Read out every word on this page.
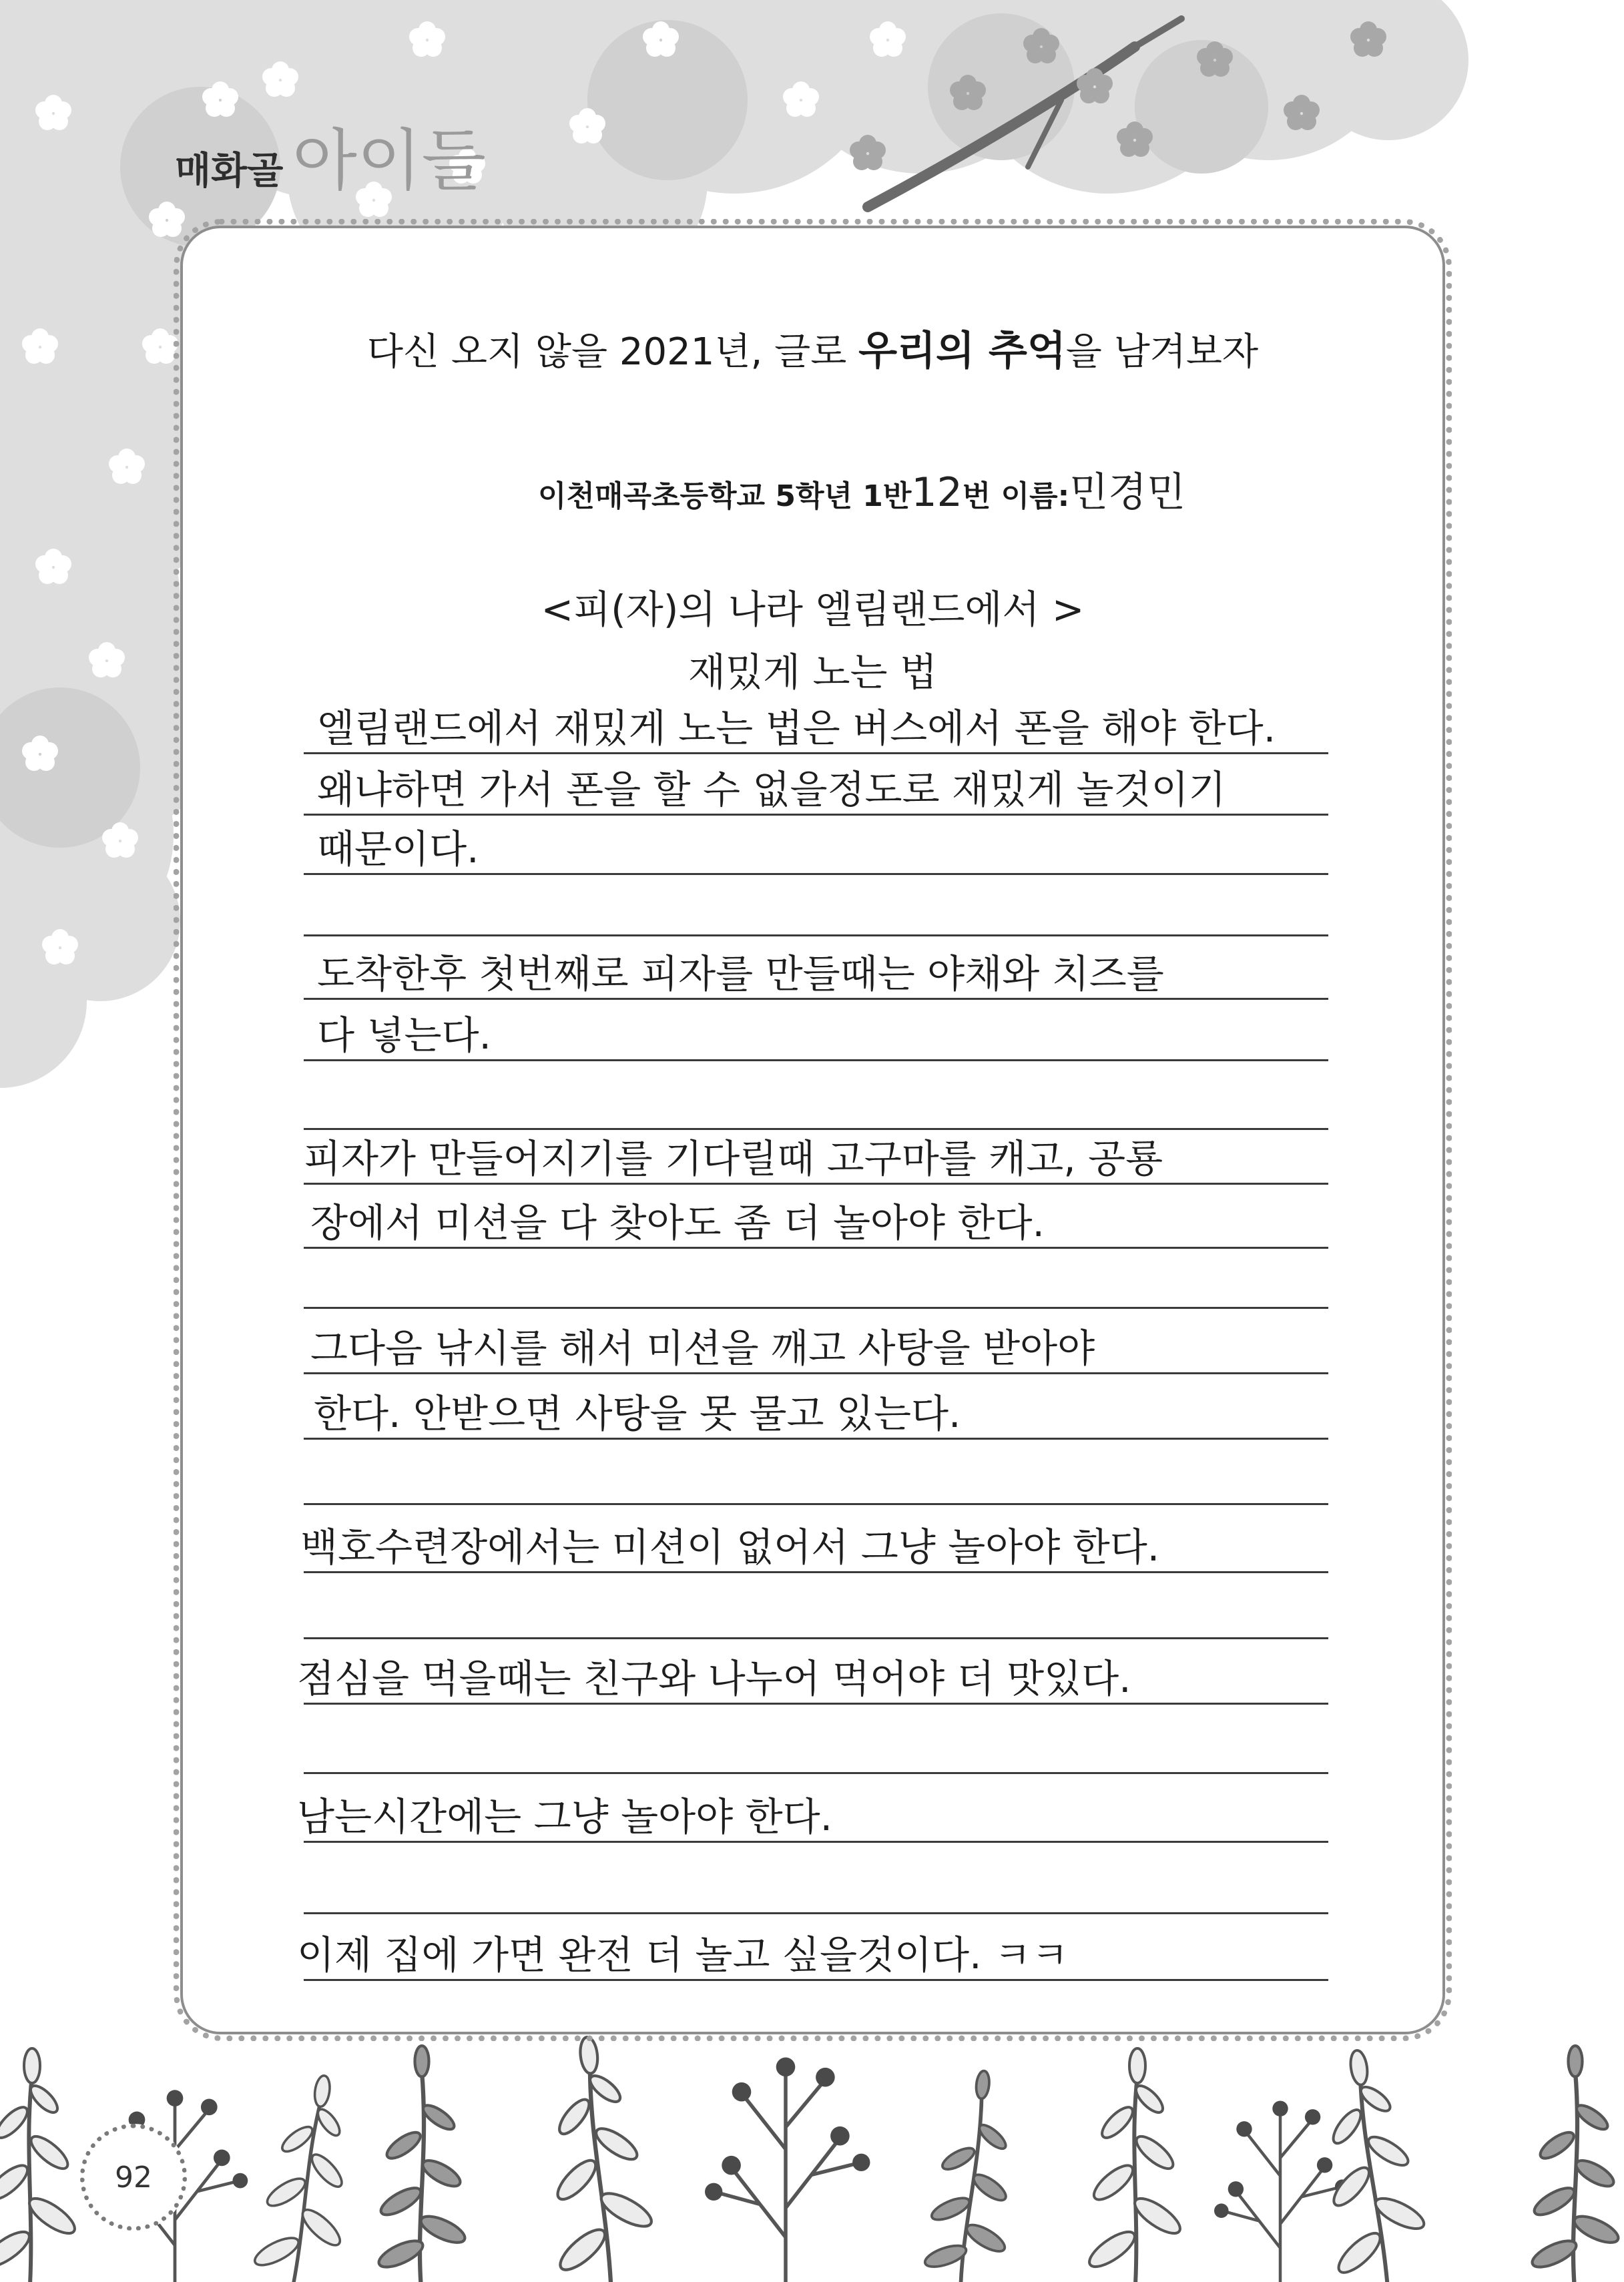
매화골 아이들
다신 오지 않을 2021년, 글로 우리의 추억을 남겨보자
이천매곡초등학교 5학년 1반 12 번 이름: 민경민
<피(자)의 나라 엘림랜드에서 >
재밌게 노는 법
엘림랜드에서 재밌게 노는 법은 버스에서 폰을 해야 한다.
왜냐하면 가서 폰을 할 수 없을정도로 재밌게 놀것이기
때문이다.
도착한후 첫번째로 피자를 만들때는 야채와 치즈를
다 넣는다.
피자가 만들어지기를 기다릴때 고구마를 캐고, 공룡
장에서 미션을 다 찾아도 좀 더 놀아야 한다.
그다음 낚시를 해서 미션을 깨고 사탕을 받아야
한다. 안받으면 사탕을 못 물고 있는다.
백호수련장에서는 미션이 없어서 그냥 놀아야 한다.
점심을 먹을때는 친구와 나누어 먹어야 더 맛있다.
남는시간에는 그냥 놀아야 한다.
이제 집에 가면 완전 더 놀고 싶을것이다. ㅋㅋ
92
